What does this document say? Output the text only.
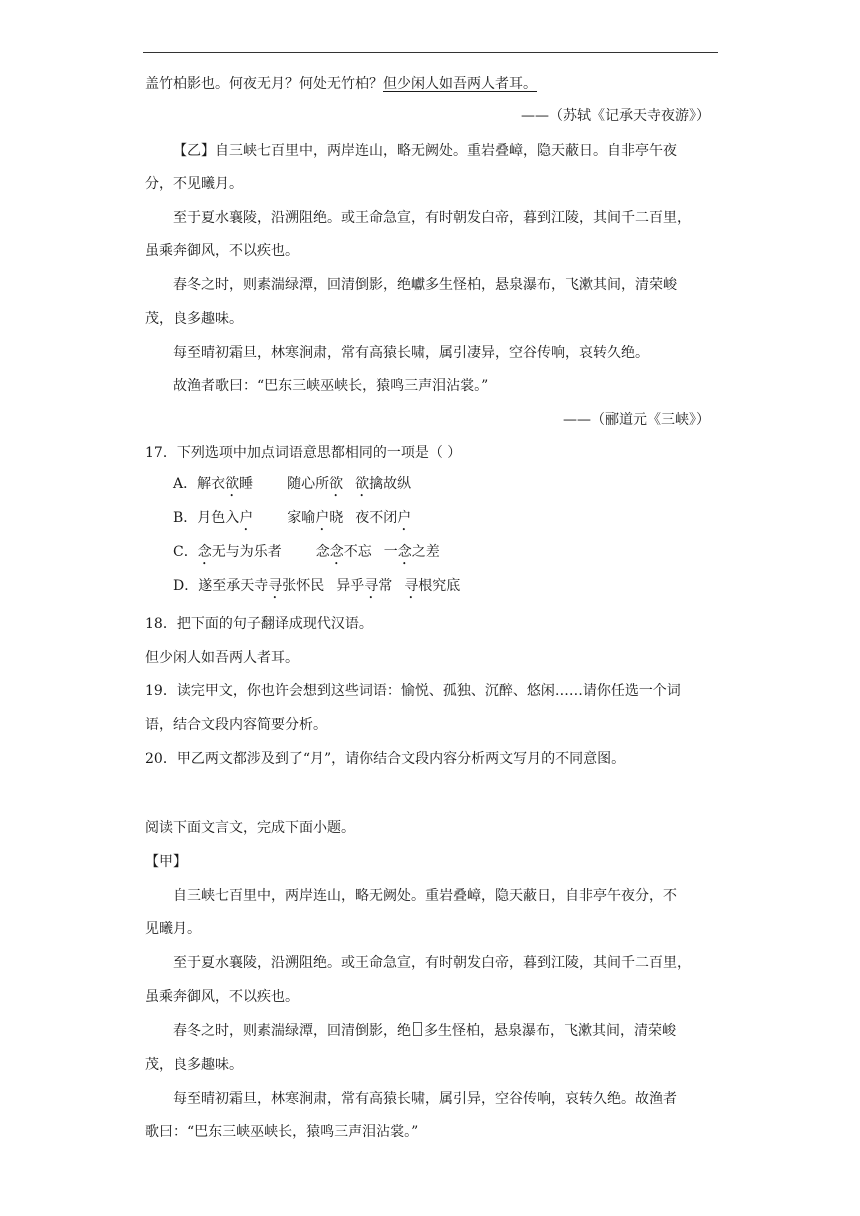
盖竹柏影也。何夜无月？何处无竹柏？但少闲人如吾两人者耳。
——（苏轼《记承天寺夜游》）
【乙】自三峡七百里中，两岸连山，略无阙处。重岩叠嶂，隐天蔽日。自非亭午夜
分，不见曦月。
至于夏水襄陵，沿溯阻绝。或王命急宣，有时朝发白帝，暮到江陵，其间千二百里，
虽乘奔御风，不以疾也。
春冬之时，则素湍绿潭，回清倒影，绝巘多生怪柏，悬泉瀑布，飞漱其间，清荣峻
茂，良多趣味。
每至晴初霜旦，林寒涧肃，常有高猿长啸，属引凄异，空谷传响，哀转久绝。
故渔者歌曰：“巴东三峡巫峡长，猿鸣三声泪沾裳。”
——（郦道元《三峡》）
17．下列选项中加点词语意思都相同的一项是（ ）
A．解衣欲睡 随心所欲 欲擒故纵
B．月色入户 家喻户晓 夜不闭户
C．念无与为乐者 念念不忘 一念之差
D．遂至承天寺寻张怀民 异乎寻常 寻根究底
18．把下面的句子翻译成现代汉语。
但少闲人如吾两人者耳。
19．读完甲文，你也许会想到这些词语：愉悦、孤独、沉醉、悠闲……请你任选一个词
语，结合文段内容简要分析。
20．甲乙两文都涉及到了“月”，请你结合文段内容分析两文写月的不同意图。
阅读下面文言文，完成下面小题。
【甲】
自三峡七百里中，两岸连山，略无阙处。重岩叠嶂，隐天蔽日，自非亭午夜分，不
见曦月。
至于夏水襄陵，沿溯阻绝。或王命急宣，有时朝发白帝，暮到江陵，其间千二百里，
虽乘奔御风，不以疾也。
春冬之时，则素湍绿潭，回清倒影，绝 多生怪柏，悬泉瀑布，飞漱其间，清荣峻
茂，良多趣味。
每至晴初霜旦，林寒涧肃，常有高猿长啸，属引异，空谷传响，哀转久绝。故渔者
歌曰：“巴东三峡巫峡长，猿鸣三声泪沾裳。”
